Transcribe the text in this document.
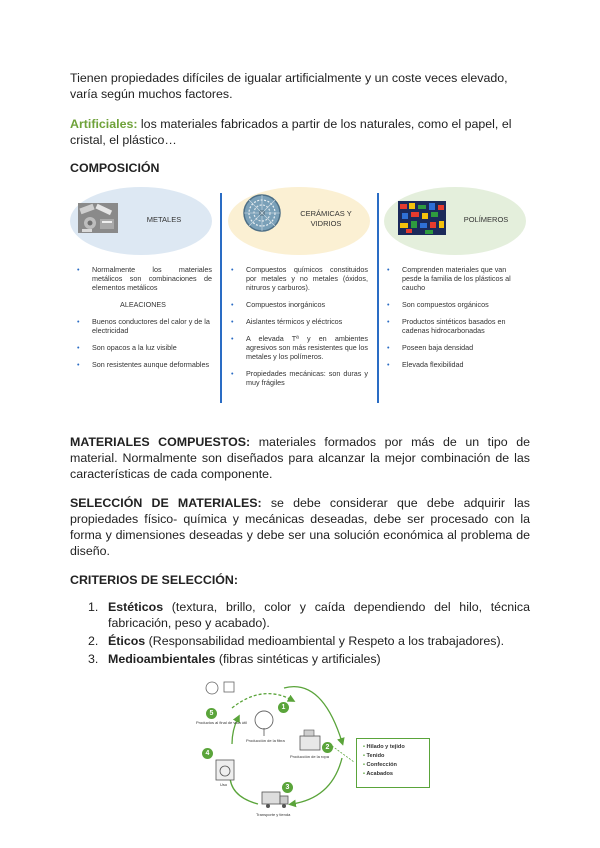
Tienen propiedades difíciles de igualar artificialmente y un coste veces elevado, varía según muchos factores.

Artificiales: los materiales fabricados a partir de los naturales, como el papel, el cristal, el plástico…

COMPOSICIÓN

METALES
CERÁMICAS Y
VIDRIOS	POLÍMEROS
• Normalmente los materiales metálicos son combinaciones de elementos metálicos
ALEACIONES
• Buenos conductores del calor y de la electricidad
• Son opacos a la luz visible
• Son resistentes aunque deformables
• Compuestos químicos constituidos por metales y no metales (óxidos, nitruros y carburos).
• Compuestos inorgánicos
• Aislantes térmicos y eléctricos
• A elevada Tª y en ambientes agresivos son más resistentes que los metales y los polímeros.
• Propiedades mecánicas: son duras y muy frágiles
• Comprenden materiales que van pesde la familia de los plásticos al caucho
• Son compuestos orgánicos
• Productos sintéticos basados en cadenas hidrocarbonadas
• Poseen baja densidad
• Elevada flexibilidad

MATERIALES COMPUESTOS: materiales formados por más de un tipo de material. Normalmente son diseñados para alcanzar la mejor combinación de las características de cada componente.

SELECCIÓN DE MATERIALES: se debe considerar que debe adquirir las propiedades físico- química y mecánicas deseadas, debe ser procesado con la forma y dimensiones deseadas y debe ser una solución económica al problema de diseño.

CRITERIOS DE SELECCIÓN:

1. Estéticos (textura, brillo, color y caída dependiendo del hilo, técnica fabricación, peso y acabado).
2. Éticos (Responsabilidad medioambiental y Respeto a los trabajadores).
3. Medioambientales (fibras sintéticas y artificiales)
1
2
3
4
5
Producción de la fibra
Producción de la ropa
Transporte y tienda
Uso
Productos al final de vida útil
• Hilado y tejido
• Tenido
• Confección
• Acabados
